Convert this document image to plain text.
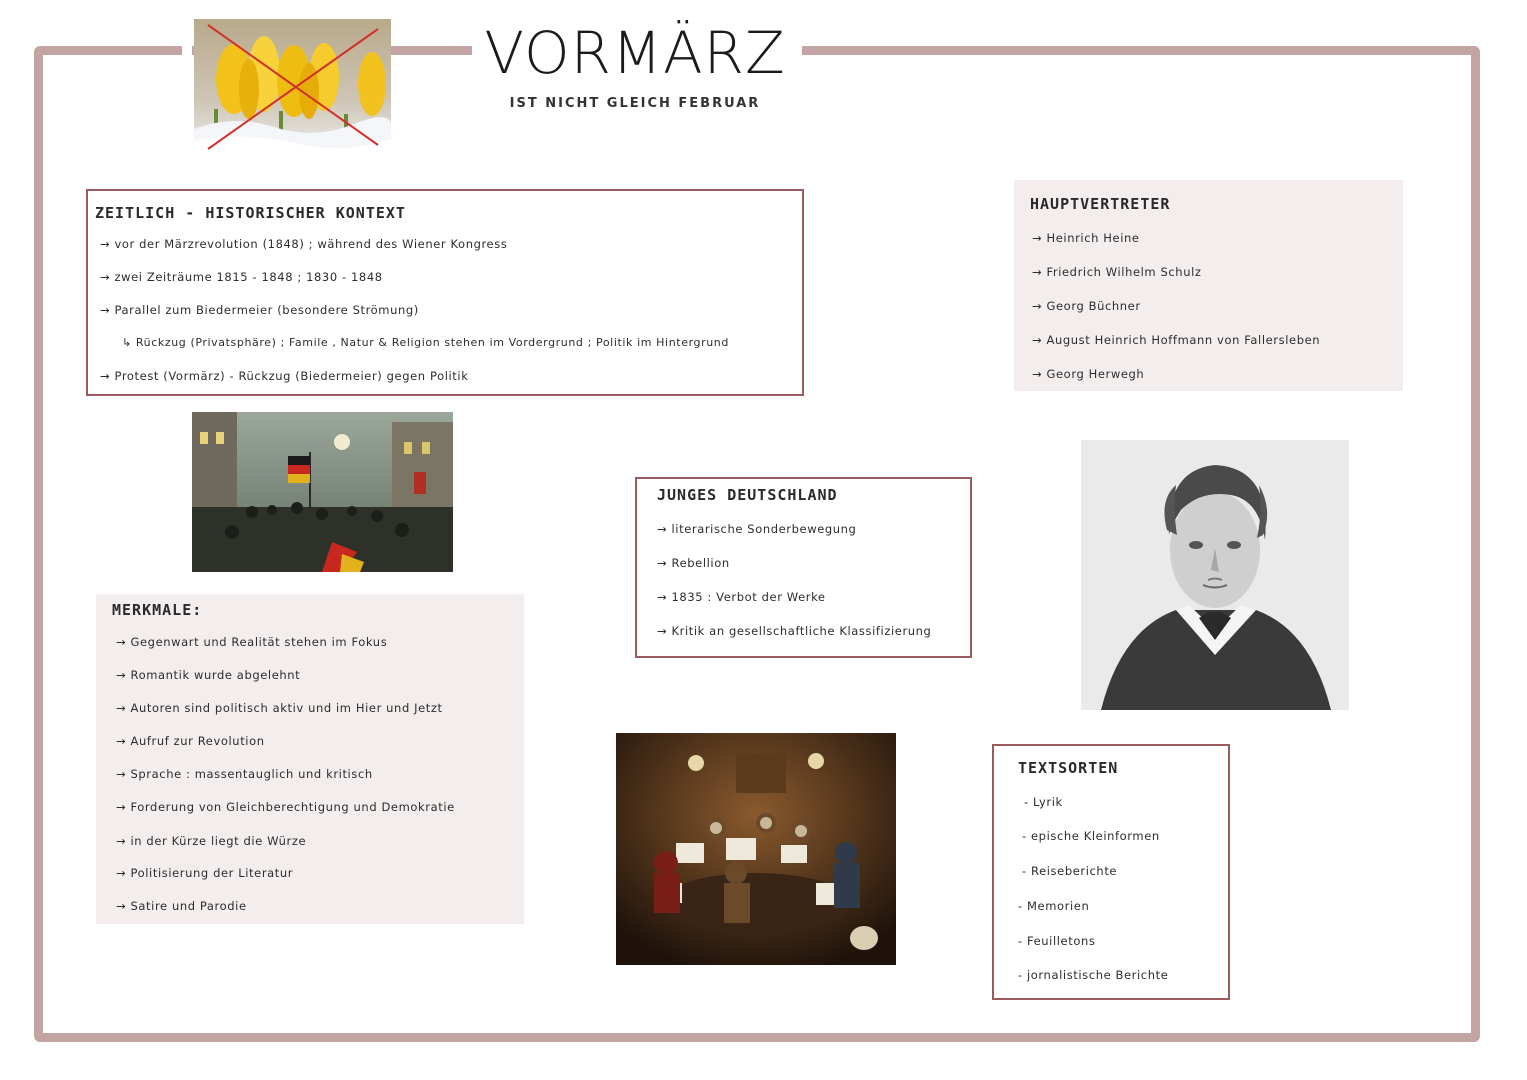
VORMÄRZ
IST NICHT GLEICH FEBRUAR
ZEITLICH - HISTORISCHER KONTEXT
→ vor der Märzrevolution (1848) ; während des Wiener Kongress
→ zwei Zeiträume 1815 - 1848 ; 1830 - 1848
→ Parallel zum Biedermeier (besondere Strömung)
↳ Rückzug (Privatsphäre) ; Famile , Natur & Religion stehen im Vordergrund ; Politik im Hintergrund
→ Protest (Vormärz) - Rückzug (Biedermeier) gegen Politik
HAUPTVERTRETER
→ Heinrich Heine
→ Friedrich Wilhelm Schulz
→ Georg Büchner
→ August Heinrich Hoffmann von Fallersleben
→ Georg Herwegh
JUNGES DEUTSCHLAND
→ literarische Sonderbewegung
→ Rebellion
→ 1835 : Verbot der Werke
→ Kritik an gesellschaftliche Klassifizierung
MERKMALE:
→ Gegenwart und Realität stehen im Fokus
→ Romantik wurde abgelehnt
→ Autoren sind politisch aktiv und im Hier und Jetzt
→ Aufruf zur Revolution
→ Sprache : massentauglich und kritisch
→ Forderung von Gleichberechtigung und Demokratie
→ in der Kürze liegt die Würze
→ Politisierung der Literatur
→ Satire und Parodie
TEXTSORTEN
- Lyrik
- epische Kleinformen
- Reiseberichte
- Memorien
- Feuilletons
- jornalistische Berichte
